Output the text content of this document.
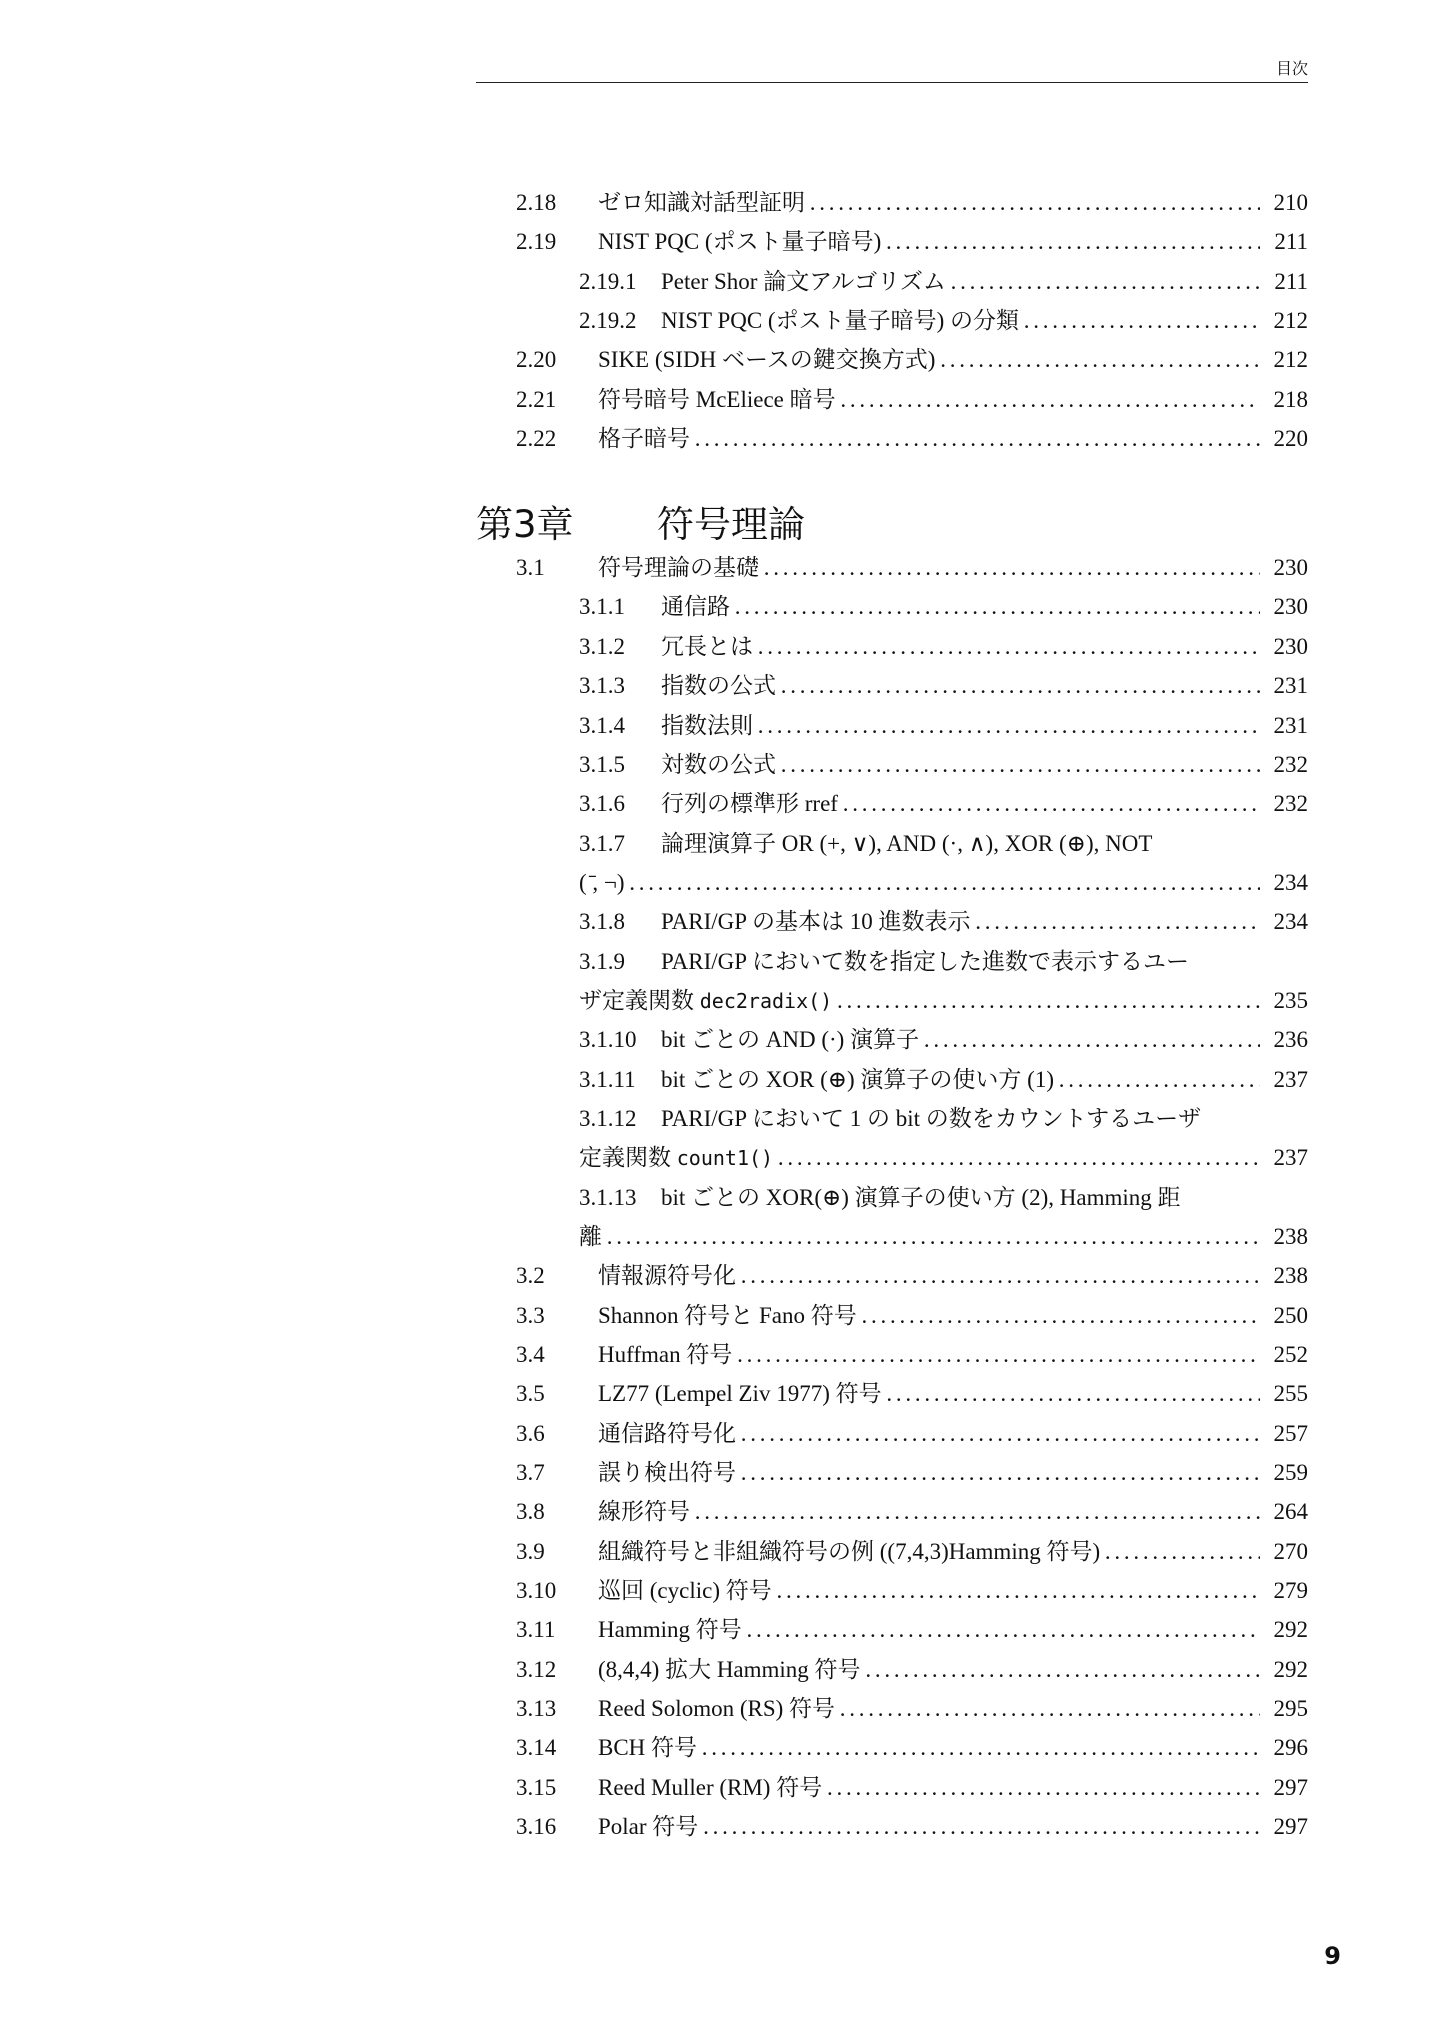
目次
2.18 ゼロ知識対話型証明 . . .	210
2.19 NIST PQC (ポスト量子暗号) . . .	211
2.19.1 Peter Shor 論文アルゴリズム . . .	211
2.19.2 NIST PQC (ポスト量子暗号) の分類 . . .	212
2.20 SIKE (SIDH ベースの鍵交換方式) . . .	212
2.21 符号暗号 McEliece 暗号 . . .	218
2.22 格子暗号 . . .	220
第3章 符号理論
3.1 符号理論の基礎 . . .	230
3.1.1 通信路 . . .	230
3.1.2 冗長とは . . .	230
3.1.3 指数の公式 . . .	231
3.1.4 指数法則 . . .	231
3.1.5 対数の公式 . . .	232
3.1.6 行列の標準形 rref . . .	232
3.1.7 論理演算子 OR (+, ∨), AND (·, ∧), XOR (⊕), NOT
( ̄, ¬) . . .	234
3.1.8 PARI/GP の基本は 10 進数表示 . . .	234
3.1.9 PARI/GP において数を指定した進数で表示するユー
ザ定義関数 dec2radix() . . .	235
3.1.10 bit ごとの AND (·) 演算子 . . .	236
3.1.11 bit ごとの XOR (⊕) 演算子の使い方 (1) . . .	237
3.1.12 PARI/GP において 1 の bit の数をカウントするユーザ
定義関数 count1() . . .	237
3.1.13 bit ごとの XOR(⊕) 演算子の使い方 (2), Hamming 距
離 . . .	238
3.2 情報源符号化 . . .	238
3.3 Shannon 符号と Fano 符号 . . .	250
3.4 Huffman 符号 . . .	252
3.5 LZ77 (Lempel Ziv 1977) 符号 . . .	255
3.6 通信路符号化 . . .	257
3.7 誤り検出符号 . . .	259
3.8 線形符号 . . .	264
3.9 組織符号と非組織符号の例 ((7,4,3)Hamming 符号) . . .	270
3.10 巡回 (cyclic) 符号 . . .	279
3.11 Hamming 符号 . . .	292
3.12 (8,4,4) 拡大 Hamming 符号 . . .	292
3.13 Reed Solomon (RS) 符号 . . .	295
3.14 BCH 符号 . . .	296
3.15 Reed Muller (RM) 符号 . . .	297
3.16 Polar 符号 . . .	297
9
